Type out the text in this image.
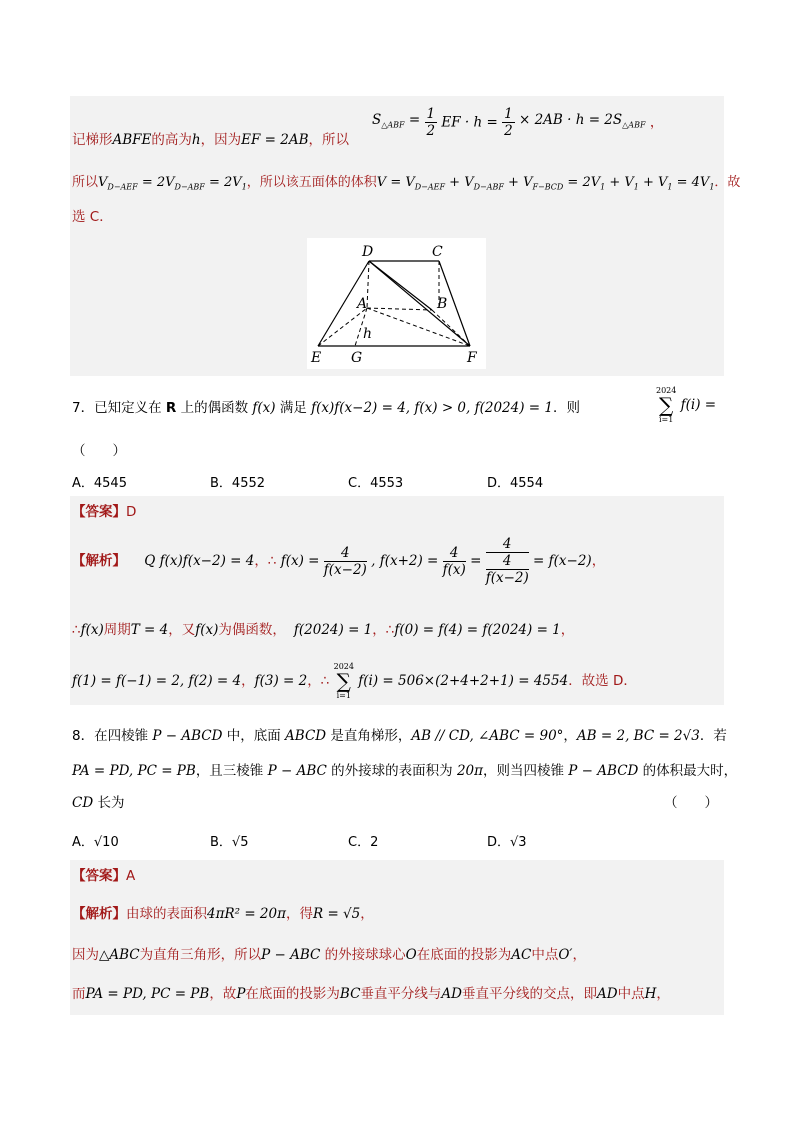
记梯形ABFE的高为h，因为EF = 2AB，所以
$S_{\triangle ABF} = \frac{1}{2}$ EF · $h = \frac{1}{2} \times 2AB \cdot h = 2S_{\triangle ABF}$ ，
所以$V_{D-AEF} = 2V_{D-ABF} = 2V_1$，所以该五面体的体积$V = V_{D-AEF} + V_{D-ABF} + V_{F-BCD} = 2V_1 + V_1 + V_1 = 4V_1$．故
选 C．
D	C
A	B
h
E G	F
7．已知定义在 R 上的偶函数 f(x) 满足 f(x)f(x−2) = 4, f(x) > 0, f(2024) = 1．则
2024
∑
i=1
f(i) =
（　　）
A．4545	B．4552	C．4553	D．4554
【答案】D
【解析】 Q f(x)f(x−2) = 4，∴ $f(x) = \frac{4}{f(x-2)}$ , $f(x+2) = \frac{4}{f(x)} = \frac{4}{\frac{4}{f(x-2)}} = f(x-2)$，
∴f(x)周期T = 4，又f(x)为偶函数， f(2024) = 1，∴f(0) = f(4) = f(2024) = 1，
f(1) = f(−1) = 2, f(2) = 4，f(3) = 2，∴
2024
∑
i=1
f(i) = 506×(2+4+2+1) = 4554．故选 D．
8．在四棱锥 P − ABCD 中，底面 ABCD 是直角梯形，AB // CD, ∠ABC = 90°，AB = 2, BC = 2√3．若
PA = PD, PC = PB，且三棱锥 P − ABC 的外接球的表面积为 20π，则当四棱锥 P − ABCD 的体积最大时，
CD 长为	（　　）
A．√10	B．√5	C．2	D．√3
【答案】A
【解析】由球的表面积4πR² = 20π，得R = √5，
因为△ABC为直角三角形，所以P − ABC 的外接球球心O在底面的投影为AC中点O′，
而PA = PD, PC = PB，故P在底面的投影为BC垂直平分线与AD垂直平分线的交点，即AD中点H，
